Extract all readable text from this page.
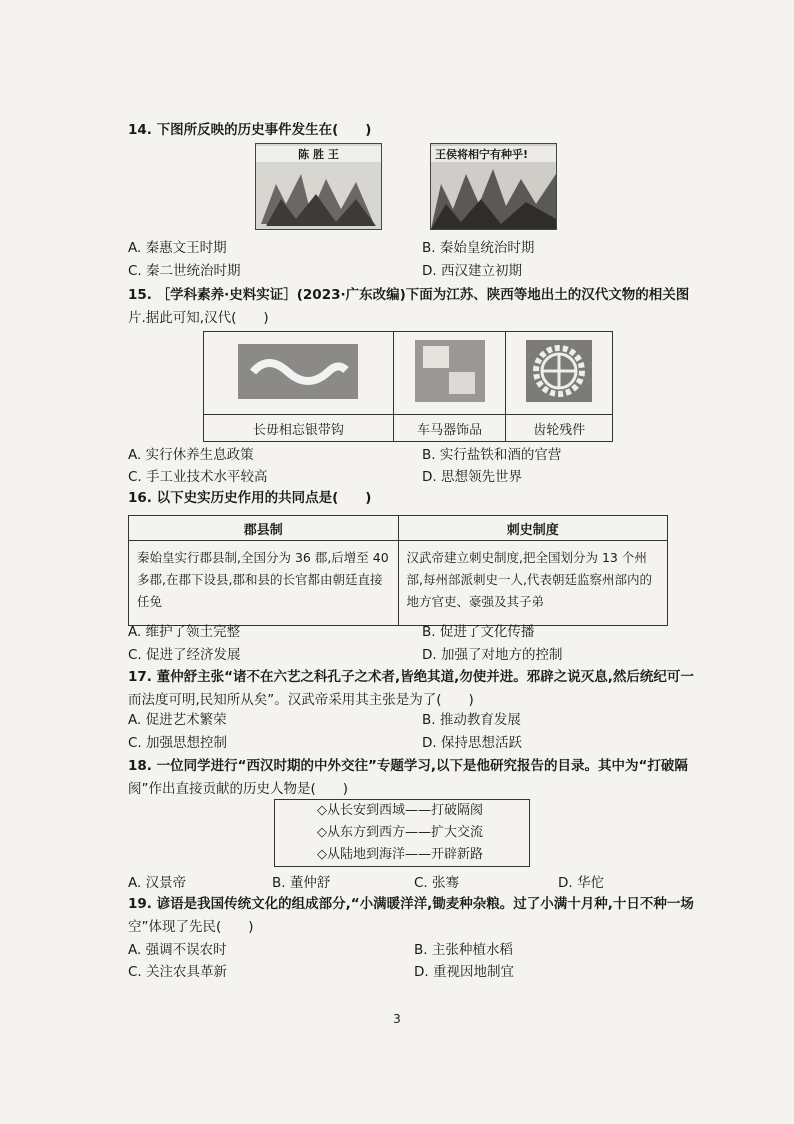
14. 下图所反映的历史事件发生在(　　)
陈 胜 王	王侯将相宁有种乎!
A. 秦惠文王时期	B. 秦始皇统治时期
C. 秦二世统治时期	D. 西汉建立初期
15. ［学科素养·史料实证］(2023·广东改编)下面为江苏、陕西等地出土的汉代文物的相关图
片.据此可知,汉代(　　)

长毋相忘银带钩	车马器饰品	齿轮残件
A. 实行休养生息政策	B. 实行盐铁和酒的官营
C. 手工业技术水平较高	D. 思想领先世界
16. 以下史实历史作用的共同点是(　　)
郡县制	刺史制度
秦始皇实行郡县制,全国分为 36 郡,后增至 40 多郡,在郡下设县,郡和县的长官都由朝廷直接任免	汉武帝建立刺史制度,把全国划分为 13 个州部,每州部派刺史一人,代表朝廷监察州部内的地方官吏、豪强及其子弟
A. 维护了领土完整	B. 促进了文化传播
C. 促进了经济发展	D. 加强了对地方的控制
17. 董仲舒主张“诸不在六艺之科孔子之术者,皆绝其道,勿使并进。邪辟之说灭息,然后统纪可一
而法度可明,民知所从矣”。汉武帝采用其主张是为了(　　)
A. 促进艺术繁荣	B. 推动教育发展
C. 加强思想控制	D. 保持思想活跃
18. 一位同学进行“西汉时期的中外交往”专题学习,以下是他研究报告的目录。其中为“打破隔
阂”作出直接贡献的历史人物是(　　)
◇从长安到西域——打破隔阂
◇从东方到西方——扩大交流
◇从陆地到海洋——开辟新路
A. 汉景帝	B. 董仲舒	C. 张骞	D. 华佗
19. 谚语是我国传统文化的组成部分,“小满暖洋洋,锄麦种杂粮。过了小满十月种,十日不种一场
空”体现了先民(　　)
A. 强调不误农时	B. 主张种植水稻
C. 关注农具革新	D. 重视因地制宜
3
